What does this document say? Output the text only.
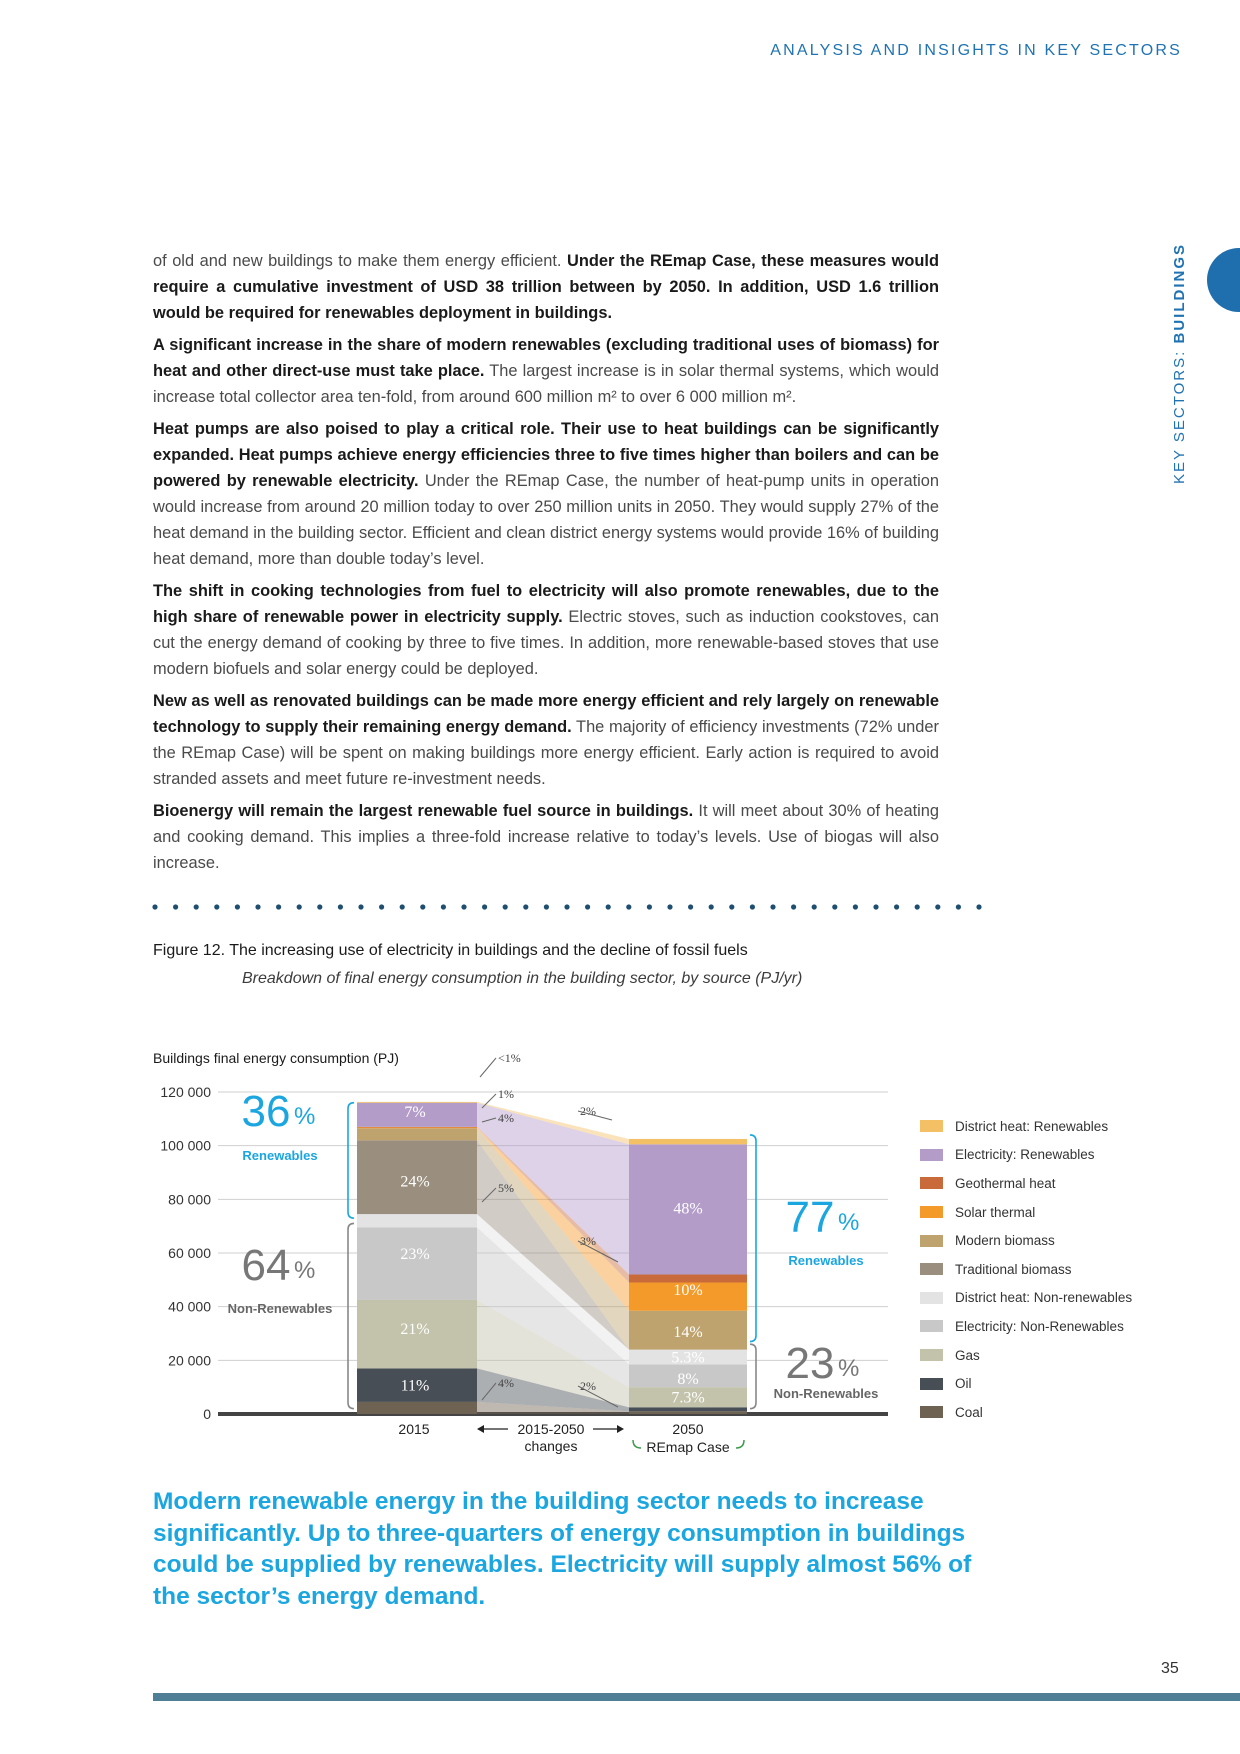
ANALYSIS AND INSIGHTS IN KEY SECTORS
KEY SECTORS: BUILDINGS

of old and new buildings to make them energy efficient. Under the REmap Case, these measures would require a cumulative investment of USD 38 trillion between by 2050. In addition, USD 1.6 trillion would be required for renewables deployment in buildings.

A significant increase in the share of modern renewables (excluding traditional uses of biomass) for heat and other direct-use must take place. The largest increase is in solar thermal systems, which would increase total collector area ten-fold, from around 600 million m² to over 6 000 million m².

Heat pumps are also poised to play a critical role. Their use to heat buildings can be significantly expanded. Heat pumps achieve energy efficiencies three to five times higher than boilers and can be powered by renewable electricity. Under the REmap Case, the number of heat-pump units in operation would increase from around 20 million today to over 250 million units in 2050. They would supply 27% of the heat demand in the building sector. Efficient and clean district energy systems would provide 16% of building heat demand, more than double today’s level.

The shift in cooking technologies from fuel to electricity will also promote renewables, due to the high share of renewable power in electricity supply. Electric stoves, such as induction cookstoves, can cut the energy demand of cooking by three to five times. In addition, more renewable-based stoves that use modern biofuels and solar energy could be deployed.

New as well as renovated buildings can be made more energy efficient and rely largely on renewable technology to supply their remaining energy demand. The majority of efficiency investments (72% under the REmap Case) will be spent on making buildings more energy efficient. Early action is required to avoid stranded assets and meet future re-investment needs.

Bioenergy will remain the largest renewable fuel source in buildings. It will meet about 30% of heating and cooking demand. This implies a three-fold increase relative to today’s levels. Use of biogas will also increase.

Figure 12. The increasing use of electricity in buildings and the decline of fossil fuels
Breakdown of final energy consumption in the building sector, by source (PJ/yr)
Buildings final energy consumption (PJ)
0
20 000
40 000
60 000
80 000
100 000
120 000
11%
21%
23%
24%
7%
7.3%
8%
5.3%
14%
10%
48%
<1%
1%
4%
5%
4%
2%
3%
2%
36 %
Renewables
64 %
Non-Renewables
77 %
Renewables
23 %
Non-Renewables
2015	2015-2050
changes
2050
REmap Case
District heat: Renewables
Electricity: Renewables
Geothermal heat
Solar thermal
Modern biomass
Traditional biomass
District heat: Non-renewables
Electricity: Non-Renewables
Gas
Oil
Coal
Modern renewable energy in the building sector needs to increase significantly. Up to three-quarters of energy consumption in buildings could be supplied by renewables. Electricity will supply almost 56% of the sector’s energy demand.
35
